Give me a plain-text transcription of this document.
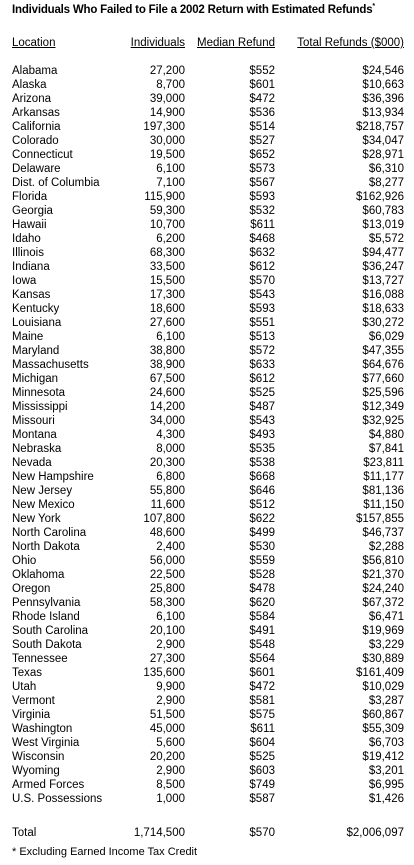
Individuals Who Failed to File a 2002 Return with Estimated Refunds*
Location	Individuals	Median Refund	Total Refunds ($000)

Alabama	27,200	$552	$24,546
Alaska	8,700	$601	$10,663
Arizona	39,000	$472	$36,396
Arkansas	14,900	$536	$13,934
California	197,300	$514	$218,757
Colorado	30,000	$527	$34,047
Connecticut	19,500	$652	$28,971
Delaware	6,100	$573	$6,310
Dist. of Columbia	7,100	$567	$8,277
Florida	115,900	$593	$162,926
Georgia	59,300	$532	$60,783
Hawaii	10,700	$611	$13,019
Idaho	6,200	$468	$5,572
Illinois	68,300	$632	$94,477
Indiana	33,500	$612	$36,247
Iowa	15,500	$570	$13,727
Kansas	17,300	$543	$16,088
Kentucky	18,600	$593	$18,633
Louisiana	27,600	$551	$30,272
Maine	6,100	$513	$6,029
Maryland	38,800	$572	$47,355
Massachusetts	38,900	$633	$64,676
Michigan	67,500	$612	$77,660
Minnesota	24,600	$525	$25,596
Mississippi	14,200	$487	$12,349
Missouri	34,000	$543	$32,925
Montana	4,300	$493	$4,880
Nebraska	8,000	$535	$7,841
Nevada	20,300	$538	$23,811
New Hampshire	6,800	$668	$11,177
New Jersey	55,800	$646	$81,136
New Mexico	11,600	$512	$11,150
New York	107,800	$622	$157,855
North Carolina	48,600	$499	$46,737
North Dakota	2,400	$530	$2,288
Ohio	56,000	$559	$56,810
Oklahoma	22,500	$528	$21,370
Oregon	25,800	$478	$24,240
Pennsylvania	58,300	$620	$67,372
Rhode Island	6,100	$584	$6,471
South Carolina	20,100	$491	$19,969
South Dakota	2,900	$548	$3,229
Tennessee	27,300	$564	$30,889
Texas	135,600	$601	$161,409
Utah	9,900	$472	$10,029
Vermont	2,900	$581	$3,287
Virginia	51,500	$575	$60,867
Washington	45,000	$611	$55,309
West Virginia	5,600	$604	$6,703
Wisconsin	20,200	$525	$19,412
Wyoming	2,900	$603	$3,201
Armed Forces	8,500	$749	$6,995
U.S. Possessions	1,000	$587	$1,426

Total	1,714,500	$570	$2,006,097
* Excluding Earned Income Tax Credit
